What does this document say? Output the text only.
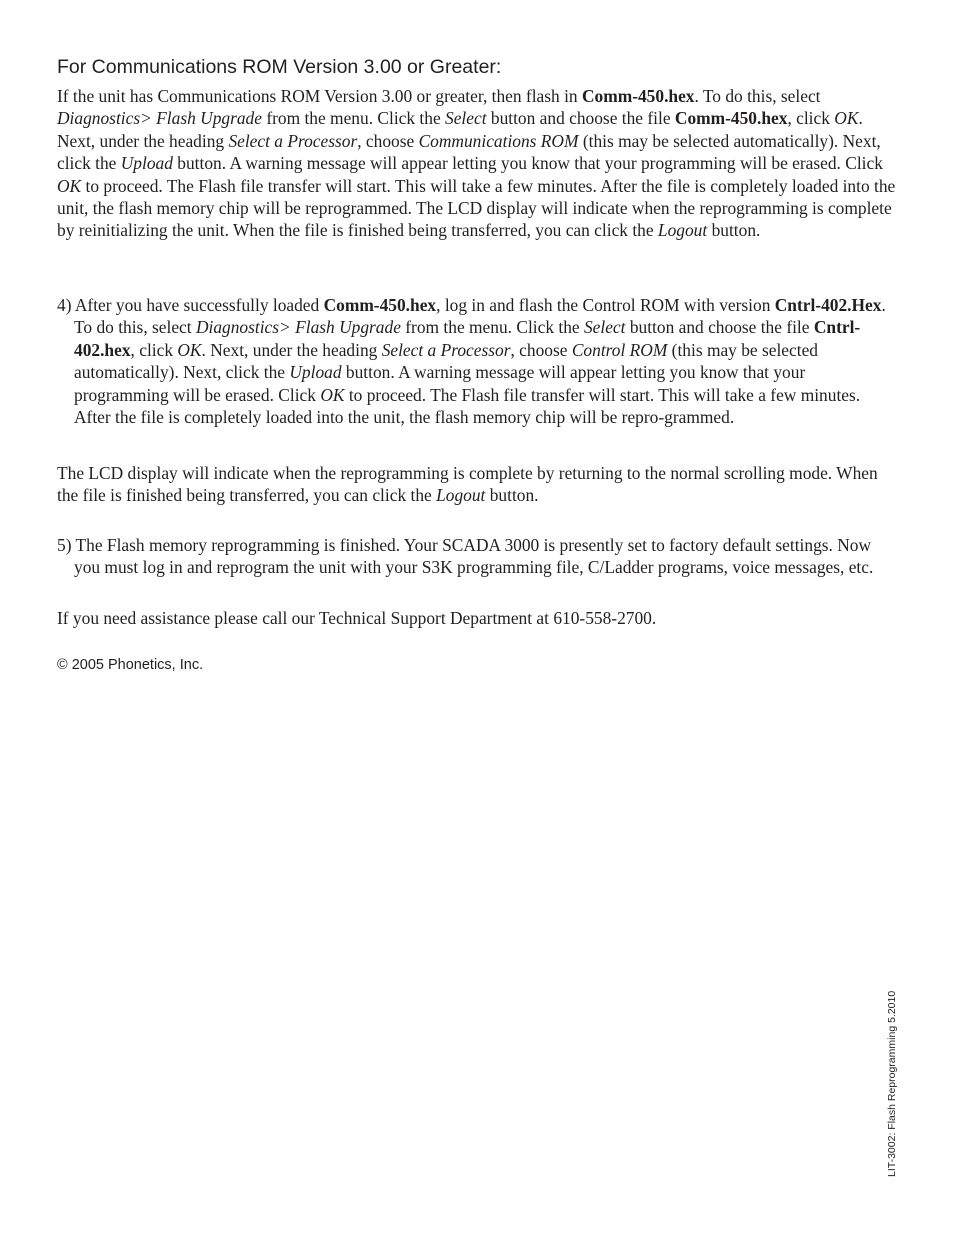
For Communications ROM Version 3.00 or Greater:

If the unit has Communications ROM Version 3.00 or greater, then flash in Comm-450.hex. To do this, select Diagnostics> Flash Upgrade from the menu. Click the Select button and choose the file Comm-450.hex, click OK. Next, under the heading Select a Processor, choose Communications ROM (this may be selected automatically). Next, click the Upload button. A warning message will appear letting you know that your programming will be erased. Click OK to proceed. The Flash file transfer will start. This will take a few minutes. After the file is completely loaded into the unit, the flash memory chip will be reprogrammed. The LCD display will indicate when the reprogramming is complete by reinitializing the unit. When the file is finished being transferred, you can click the Logout button.

4) After you have successfully loaded Comm-450.hex, log in and flash the Control ROM with version Cntrl-402.Hex. To do this, select Diagnostics> Flash Upgrade from the menu. Click the Select button and choose the file Cntrl-402.hex, click OK. Next, under the heading Select a Processor, choose Control ROM (this may be selected automatically). Next, click the Upload button. A warning message will appear letting you know that your programming will be erased. Click OK to proceed. The Flash file transfer will start. This will take a few minutes. After the file is completely loaded into the unit, the flash memory chip will be repro-grammed.

The LCD display will indicate when the reprogramming is complete by returning to the normal scrolling mode. When the file is finished being transferred, you can click the Logout button.

5) The Flash memory reprogramming is finished. Your SCADA 3000 is presently set to factory default settings. Now you must log in and reprogram the unit with your S3K programming file, C/Ladder programs, voice messages, etc.

If you need assistance please call our Technical Support Department at 610-558-2700.

© 2005 Phonetics, Inc.
LIT-3002: Flash Reprogramming 5.2010
